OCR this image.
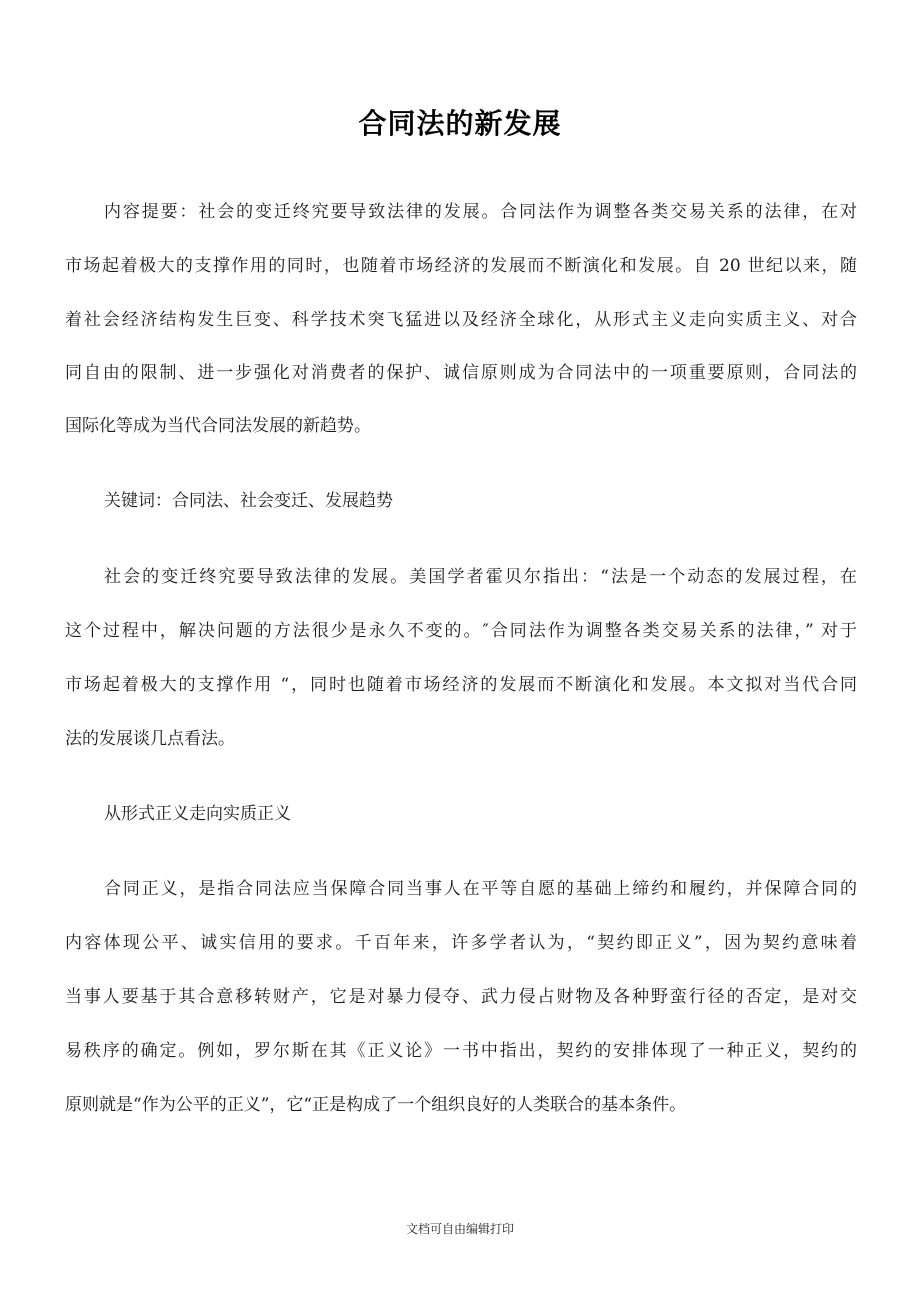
合同法的新发展
内容提要：社会的变迁终究要导致法律的发展。合同法作为调整各类交易关系的法律，在对
市场起着极大的支撑作用的同时，也随着市场经济的发展而不断演化和发展。自 20 世纪以来，随
着社会经济结构发生巨变、科学技术突飞猛进以及经济全球化，从形式主义走向实质主义、对合
同自由的限制、进一步强化对消费者的保护、诚信原则成为合同法中的一项重要原则，合同法的
国际化等成为当代合同法发展的新趋势。
关键词：合同法、社会变迁、发展趋势
社会的变迁终究要导致法律的发展。美国学者霍贝尔指出：“法是一个动态的发展过程，在
这个过程中，解决问题的方法很少是永久不变的。″合同法作为调整各类交易关系的法律，” 对于
市场起着极大的支撑作用 “，同时也随着市场经济的发展而不断演化和发展。本文拟对当代合同
法的发展谈几点看法。
从形式正义走向实质正义
合同正义，是指合同法应当保障合同当事人在平等自愿的基础上缔约和履约，并保障合同的
内容体现公平、诚实信用的要求。千百年来，许多学者认为，“契约即正义”，因为契约意味着
当事人要基于其合意移转财产，它是对暴力侵夺、武力侵占财物及各种野蛮行径的否定，是对交
易秩序的确定。例如，罗尔斯在其《正义论》一书中指出，契约的安排体现了一种正义，契约的
原则就是“作为公平的正义”，它“正是构成了一个组织良好的人类联合的基本条件。
文档可自由编辑打印
